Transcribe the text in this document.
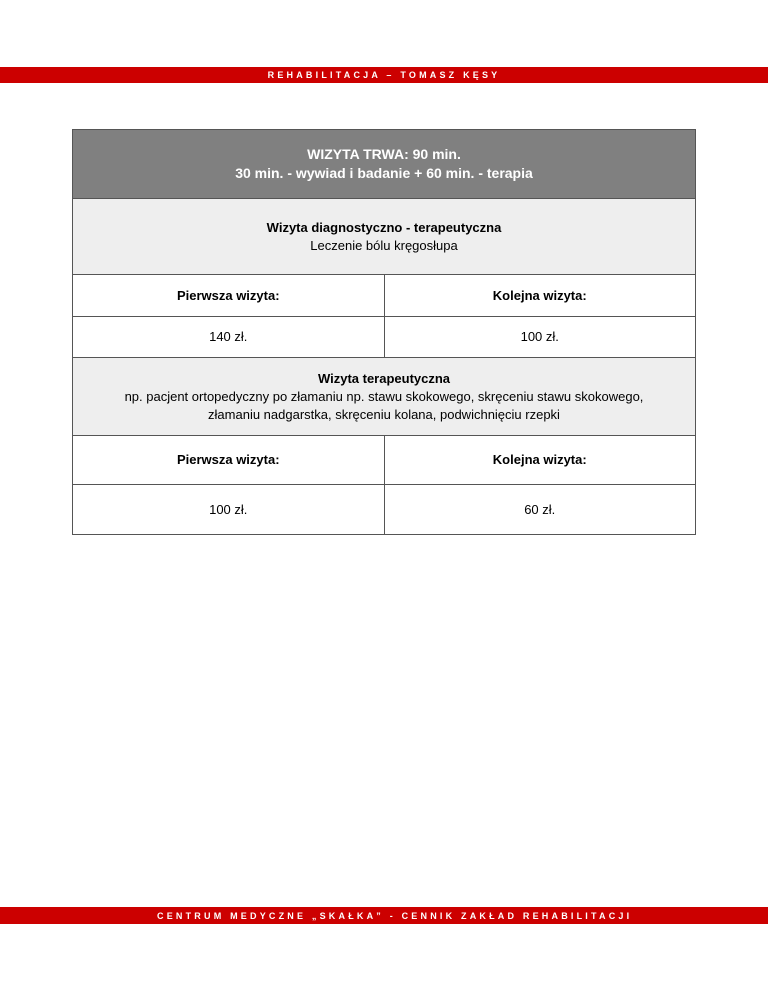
REHABILITACJA – TOMASZ KĘSY
WIZYTA TRWA: 90 min.
30 min. - wywiad i badanie + 60 min. - terapia	

Wizyta diagnostyczno - terapeutyczna
Leczenie bólu kręgosłupa	

Pierwsza wizyta:	Kolejna wizyta:
140 zł.	100 zł.

Wizyta terapeutyczna
np. pacjent ortopedyczny po złamaniu np. stawu skokowego, skręceniu stawu skokowego,
złamaniu nadgarstka, skręceniu kolana, podwichnięciu rzepki	

Pierwsza wizyta:	Kolejna wizyta:
100 zł.	60 zł.
CENTRUM MEDYCZNE „SKAŁKA” - CENNIK ZAKŁAD REHABILITACJI
